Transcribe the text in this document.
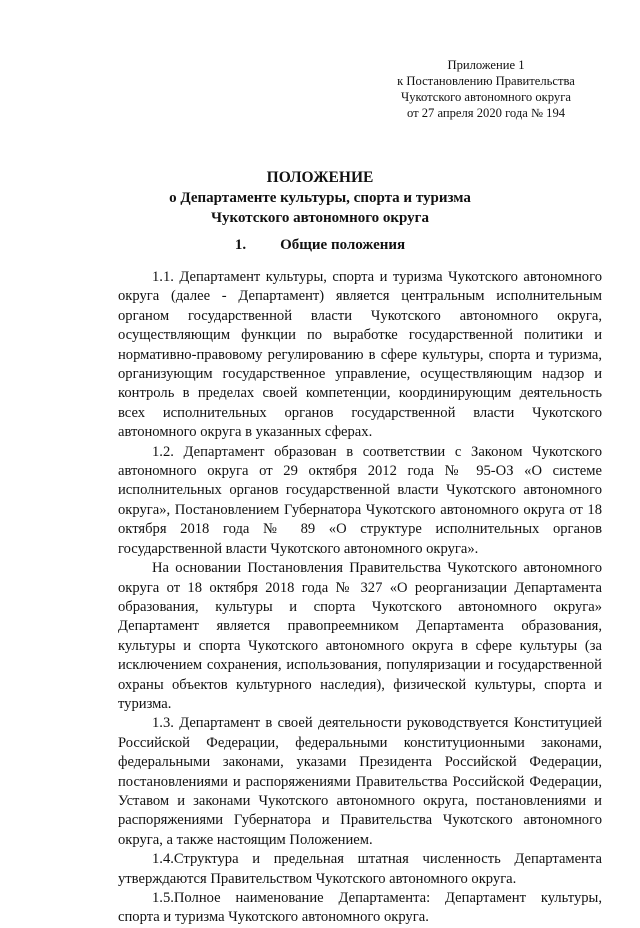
Приложение 1
к Постановлению Правительства
Чукотского автономного округа
от 27 апреля 2020 года № 194
ПОЛОЖЕНИЕ
о Департаменте культуры, спорта и туризма
Чукотского автономного округа
1. Общие положения

1.1. Департамент культуры, спорта и туризма Чукотского автономного округа (далее - Департамент) является центральным исполнительным органом государственной власти Чукотского автономного округа, осуществляющим функции по выработке государственной политики и нормативно-правовому регулированию в сфере культуры, спорта и туризма, организующим государственное управление, осуществляющим надзор и контроль в пределах своей компетенции, координирующим деятельность всех исполнительных органов государственной власти Чукотского автономного округа в указанных сферах.

1.2. Департамент образован в соответствии с Законом Чукотского автономного округа от 29 октября 2012 года № 95-ОЗ «О системе исполнительных органов государственной власти Чукотского автономного округа», Постановлением Губернатора Чукотского автономного округа от 18 октября 2018 года № 89 «О структуре исполнительных органов государственной власти Чукотского автономного округа».

На основании Постановления Правительства Чукотского автономного округа от 18 октября 2018 года № 327 «О реорганизации Департамента образования, культуры и спорта Чукотского автономного округа» Департамент является правопреемником Департамента образования, культуры и спорта Чукотского автономного округа в сфере культуры (за исключением сохранения, использования, популяризации и государственной охраны объектов культурного наследия), физической культуры, спорта и туризма.

1.3. Департамент в своей деятельности руководствуется Конституцией Российской Федерации, федеральными конституционными законами, федеральными законами, указами Президента Российской Федерации, постановлениями и распоряжениями Правительства Российской Федерации, Уставом и законами Чукотского автономного округа, постановлениями и распоряжениями Губернатора и Правительства Чукотского автономного округа, а также настоящим Положением.

1.4.Структура и предельная штатная численность Департамента утверждаются Правительством Чукотского автономного округа.

1.5.Полное наименование Департамента: Департамент культуры, спорта и туризма Чукотского автономного округа.
